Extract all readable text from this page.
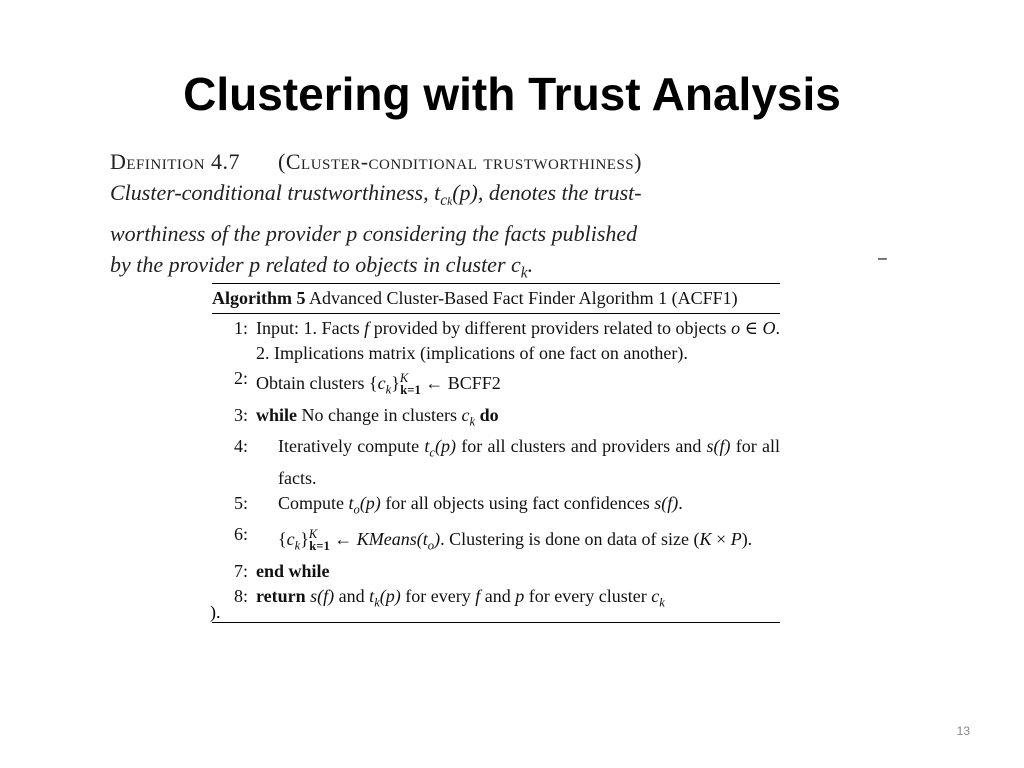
Clustering with Trust Analysis
Definition 4.7 (Cluster-conditional trustworthiness)
Cluster-conditional trustworthiness, $t_{ck}(p)$, denotes the trust-
worthiness of the provider p considering the facts published
by the provider p related to objects in cluster $c_k$.	–
Algorithm 5 Advanced Cluster-Based Fact Finder Algorithm 1 (ACFF1)
1: Input: 1. Facts f provided by different providers related to objects o ∈ O. 2. Implications matrix (implications of one fact on another).
2: Obtain clusters $\{c_k\}^K_{k=1}$ ← BCFF2
3: while No change in clusters $c_k$ do
4:	Iteratively compute $t_c(p)$ for all clusters and providers and s(f) for all facts.
5:	Compute $t_o(p)$ for all objects using fact confidences s(f).
6:	$\{c_k\}^K_{k=1}$ ← $KMeans(t_o)$. Clustering is done on data of size (K × P).
7: end while
8: return s(f) and $t_k(p)$ for every f and p for every cluster $c_k$
).
13
